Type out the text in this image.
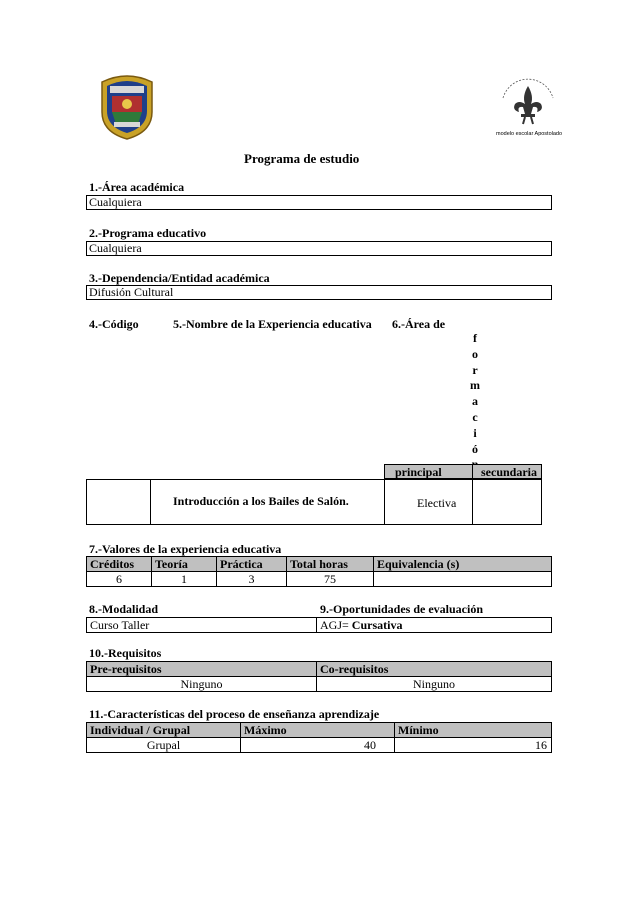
modelo escolar Apostolado
Programa de estudio
1.-Área académica
Cualquiera
2.-Programa educativo
Cualquiera
3.-Dependencia/Entidad académica
Difusión Cultural
4.-Código	5.-Nombre de la Experiencia educativa 6.-Área de
f
o
r
m
a
c
i
ó
principal	secundaria
Introducción a los Bailes de Salón.	Electiva
7.-Valores de la experiencia educativa
Créditos	Teoría	Práctica	Total horas	Equivalencia (s)
6	1	3	75	
8.-Modalidad	9.-Oportunidades de evaluación
Curso Taller	AGJ= Cursativa
10.-Requisitos
Pre-requisitos	Co-requisitos
Ninguno	Ninguno
11.-Características del proceso de enseñanza aprendizaje
Individual / Grupal	Máximo	Mínimo
Grupal	40	16
